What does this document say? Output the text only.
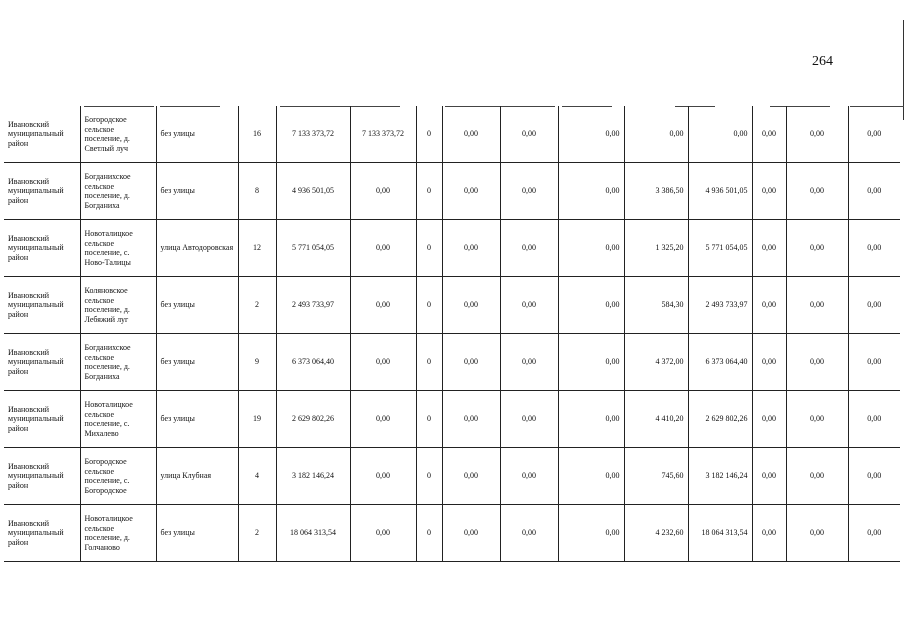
264
Ивановский муниципальный район	Богородское сельское поселение, д. Светлый луч	без улицы	16	7 133 373,72	7 133 373,72	0	0,00	0,00	0,00	0,00	0,00	0,00	0,00	0,00
Ивановский муниципальный район	Богданихское сельское поселение, д. Богданиха	без улицы	8	4 936 501,05	0,00	0	0,00	0,00	0,00	3 386,50	4 936 501,05	0,00	0,00	0,00
Ивановский муниципальный район	Новоталицкое сельское поселение, с. Ново-Талицы	улица Автодоровская	12	5 771 054,05	0,00	0	0,00	0,00	0,00	1 325,20	5 771 054,05	0,00	0,00	0,00
Ивановский муниципальный район	Коляновское сельское поселение, д. Лебяжий луг	без улицы	2	2 493 733,97	0,00	0	0,00	0,00	0,00	584,30	2 493 733,97	0,00	0,00	0,00
Ивановский муниципальный район	Богданихское сельское поселение, д. Богданиха	без улицы	9	6 373 064,40	0,00	0	0,00	0,00	0,00	4 372,00	6 373 064,40	0,00	0,00	0,00
Ивановский муниципальный район	Новоталицкое сельское поселение, с. Михалево	без улицы	19	2 629 802,26	0,00	0	0,00	0,00	0,00	4 410,20	2 629 802,26	0,00	0,00	0,00
Ивановский муниципальный район	Богородское сельское поселение, с. Богородское	улица Клубная	4	3 182 146,24	0,00	0	0,00	0,00	0,00	745,60	3 182 146,24	0,00	0,00	0,00
Ивановский муниципальный район	Новоталицкое сельское поселение, д. Голчаново	без улицы	2	18 064 313,54	0,00	0	0,00	0,00	0,00	4 232,60	18 064 313,54	0,00	0,00	0,00
